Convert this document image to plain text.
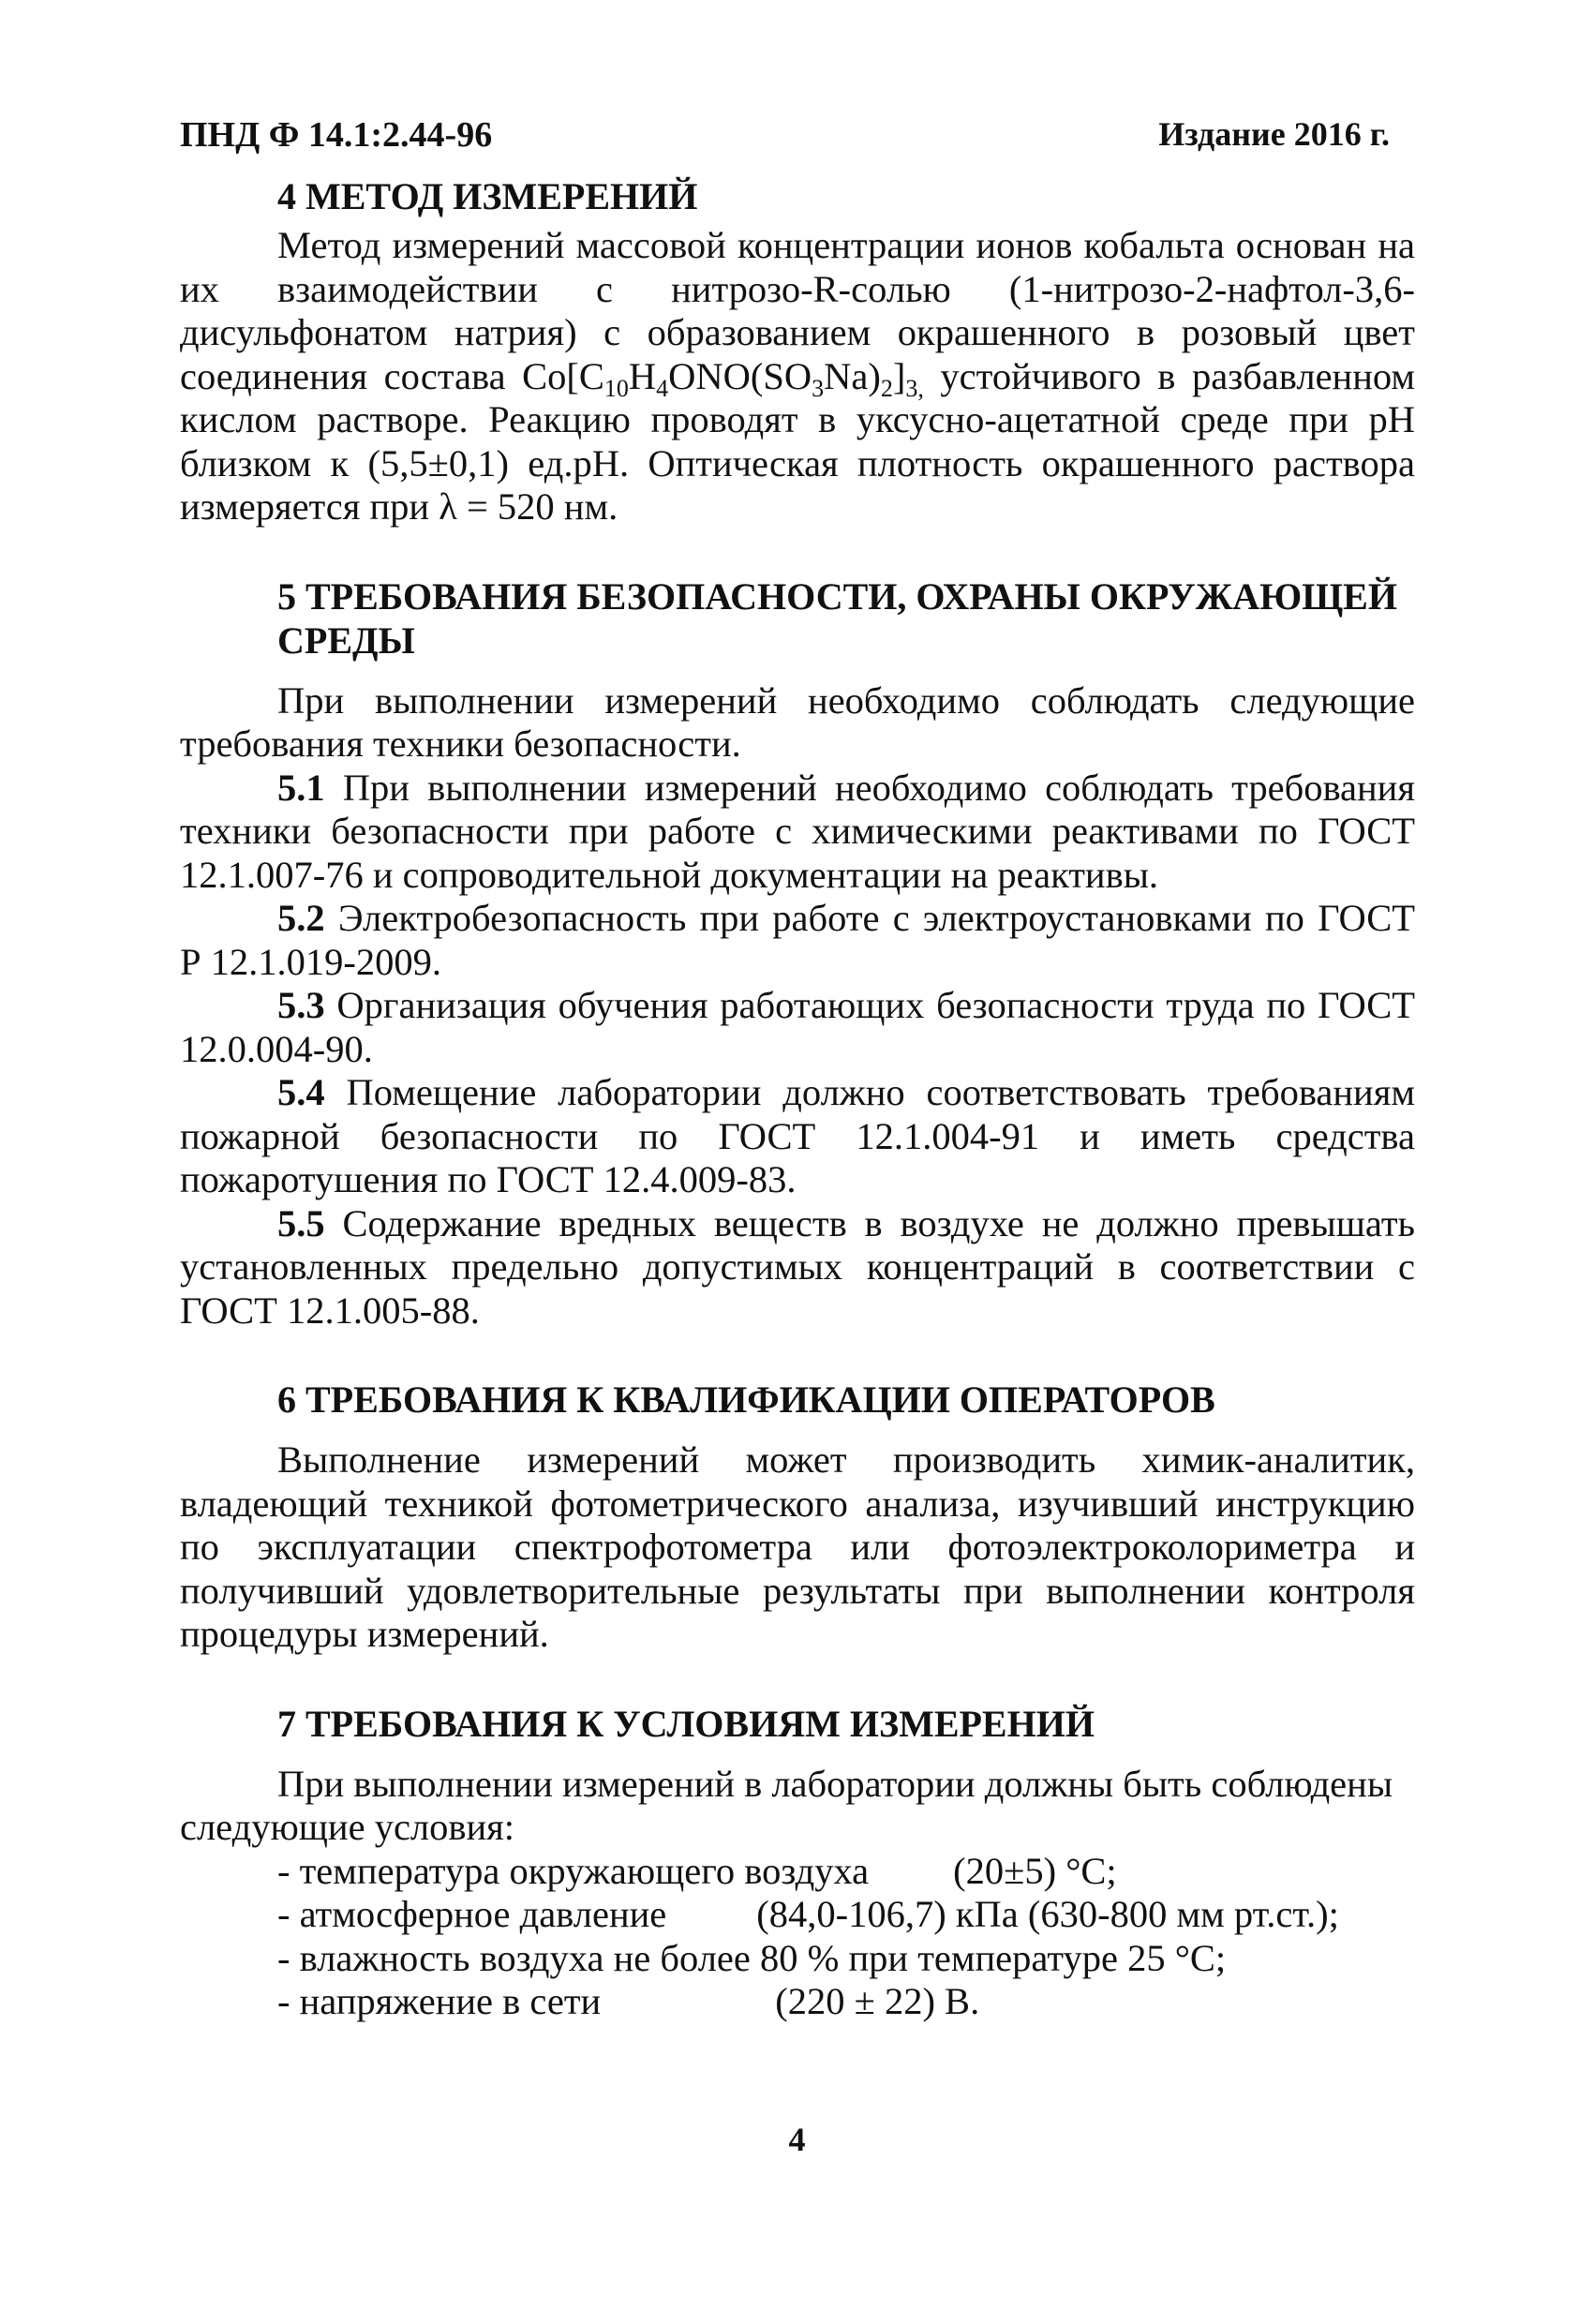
ПНД Ф 14.1:2.44-96	Издание 2016 г.
4 МЕТОД ИЗМЕРЕНИЙ

Метод измерений массовой концентрации ионов кобальта основан на их взаимодействии с нитрозо-R-солью (1-нитрозо-2-нафтол-3,6-дисульфонатом натрия) с образованием окрашенного в розовый цвет соединения состава $Co[C_{10}H_4ONO(SO_3Na)_2]_{3,}$ устойчивого в разбавленном кислом растворе. Реакцию проводят в уксусно-ацетатной среде при pH близком к (5,5±0,1) ед.pH. Оптическая плотность окрашенного раствора измеряется при λ = 520 нм.

5 ТРЕБОВАНИЯ БЕЗОПАСНОСТИ, ОХРАНЫ ОКРУЖАЮЩЕЙ СРЕДЫ

При выполнении измерений необходимо соблюдать следующие требования техники безопасности.

5.1 При выполнении измерений необходимо соблюдать требования техники безопасности при работе с химическими реактивами по ГОСТ 12.1.007-76 и сопроводительной документации на реактивы.

5.2 Электробезопасность при работе с электроустановками по ГОСТ Р 12.1.019-2009.

5.3 Организация обучения работающих безопасности труда по ГОСТ 12.0.004-90.

5.4 Помещение лаборатории должно соответствовать требованиям пожарной безопасности по ГОСТ 12.1.004-91 и иметь средства пожаротушения по ГОСТ 12.4.009-83.

5.5 Содержание вредных веществ в воздухе не должно превышать установленных предельно допустимых концентраций в соответствии с ГОСТ 12.1.005-88.

6 ТРЕБОВАНИЯ К КВАЛИФИКАЦИИ ОПЕРАТОРОВ

Выполнение измерений может производить химик-аналитик, владеющий техникой фотометрического анализа, изучивший инструкцию по эксплуатации спектрофотометра или фотоэлектроколориметра и получивший удовлетворительные результаты при выполнении контроля процедуры измерений.

7 ТРЕБОВАНИЯ К УСЛОВИЯМ ИЗМЕРЕНИЙ

При выполнении измерений в лаборатории должны быть соблюдены следующие условия:

- температура окружающего воздуха (20±5) °С;
- атмосферное давление (84,0-106,7) кПа (630-800 мм рт.ст.);
- влажность воздуха не более 80 % при температуре 25 °С;
- напряжение в сети	(220 ± 22) В.
4
